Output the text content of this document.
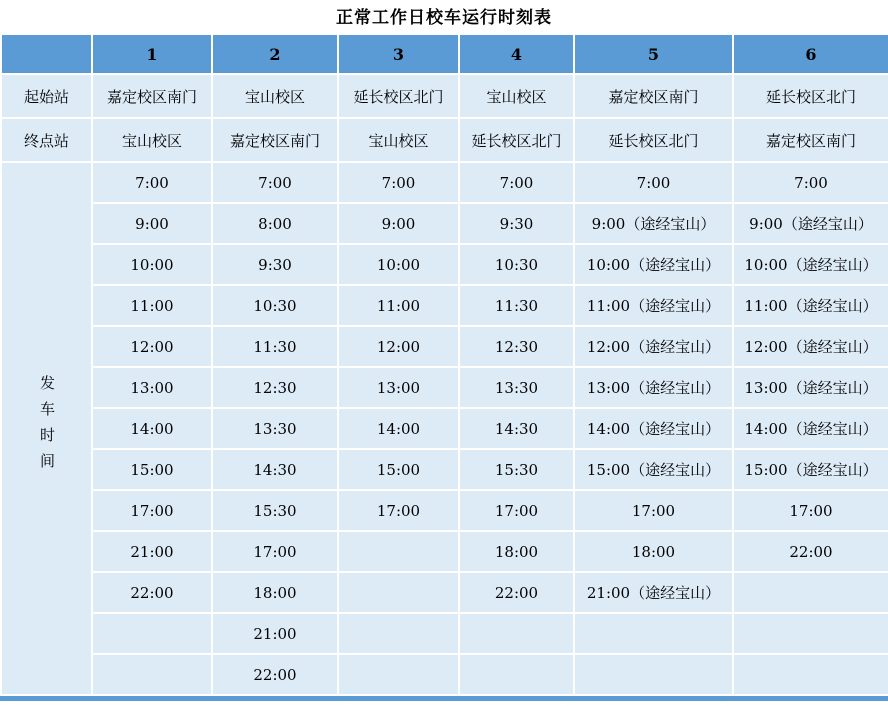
正常工作日校车运行时刻表
	1	2	3	4	5	6
起始站	嘉定校区南门	宝山校区	延长校区北门	宝山校区	嘉定校区南门	延长校区北门
终点站	宝山校区	嘉定校区南门	宝山校区	延长校区北门	延长校区北门	嘉定校区南门
发车时间	7:00	7:00	7:00	7:00	7:00	7:00
	9:00	8:00	9:00	9:30	9:00（途经宝山）	9:00（途经宝山）
	10:00	9:30	10:00	10:30	10:00（途经宝山）	10:00（途经宝山）
	11:00	10:30	11:00	11:30	11:00（途经宝山）	11:00（途经宝山）
	12:00	11:30	12:00	12:30	12:00（途经宝山）	12:00（途经宝山）
	13:00	12:30	13:00	13:30	13:00（途经宝山）	13:00（途经宝山）
	14:00	13:30	14:00	14:30	14:00（途经宝山）	14:00（途经宝山）
	15:00	14:30	15:00	15:30	15:00（途经宝山）	15:00（途经宝山）
	17:00	15:30	17:00	17:00	17:00	17:00
	21:00	17:00		18:00	18:00	22:00
	22:00	18:00		22:00	21:00（途经宝山）	
		21:00				
		22:00				
